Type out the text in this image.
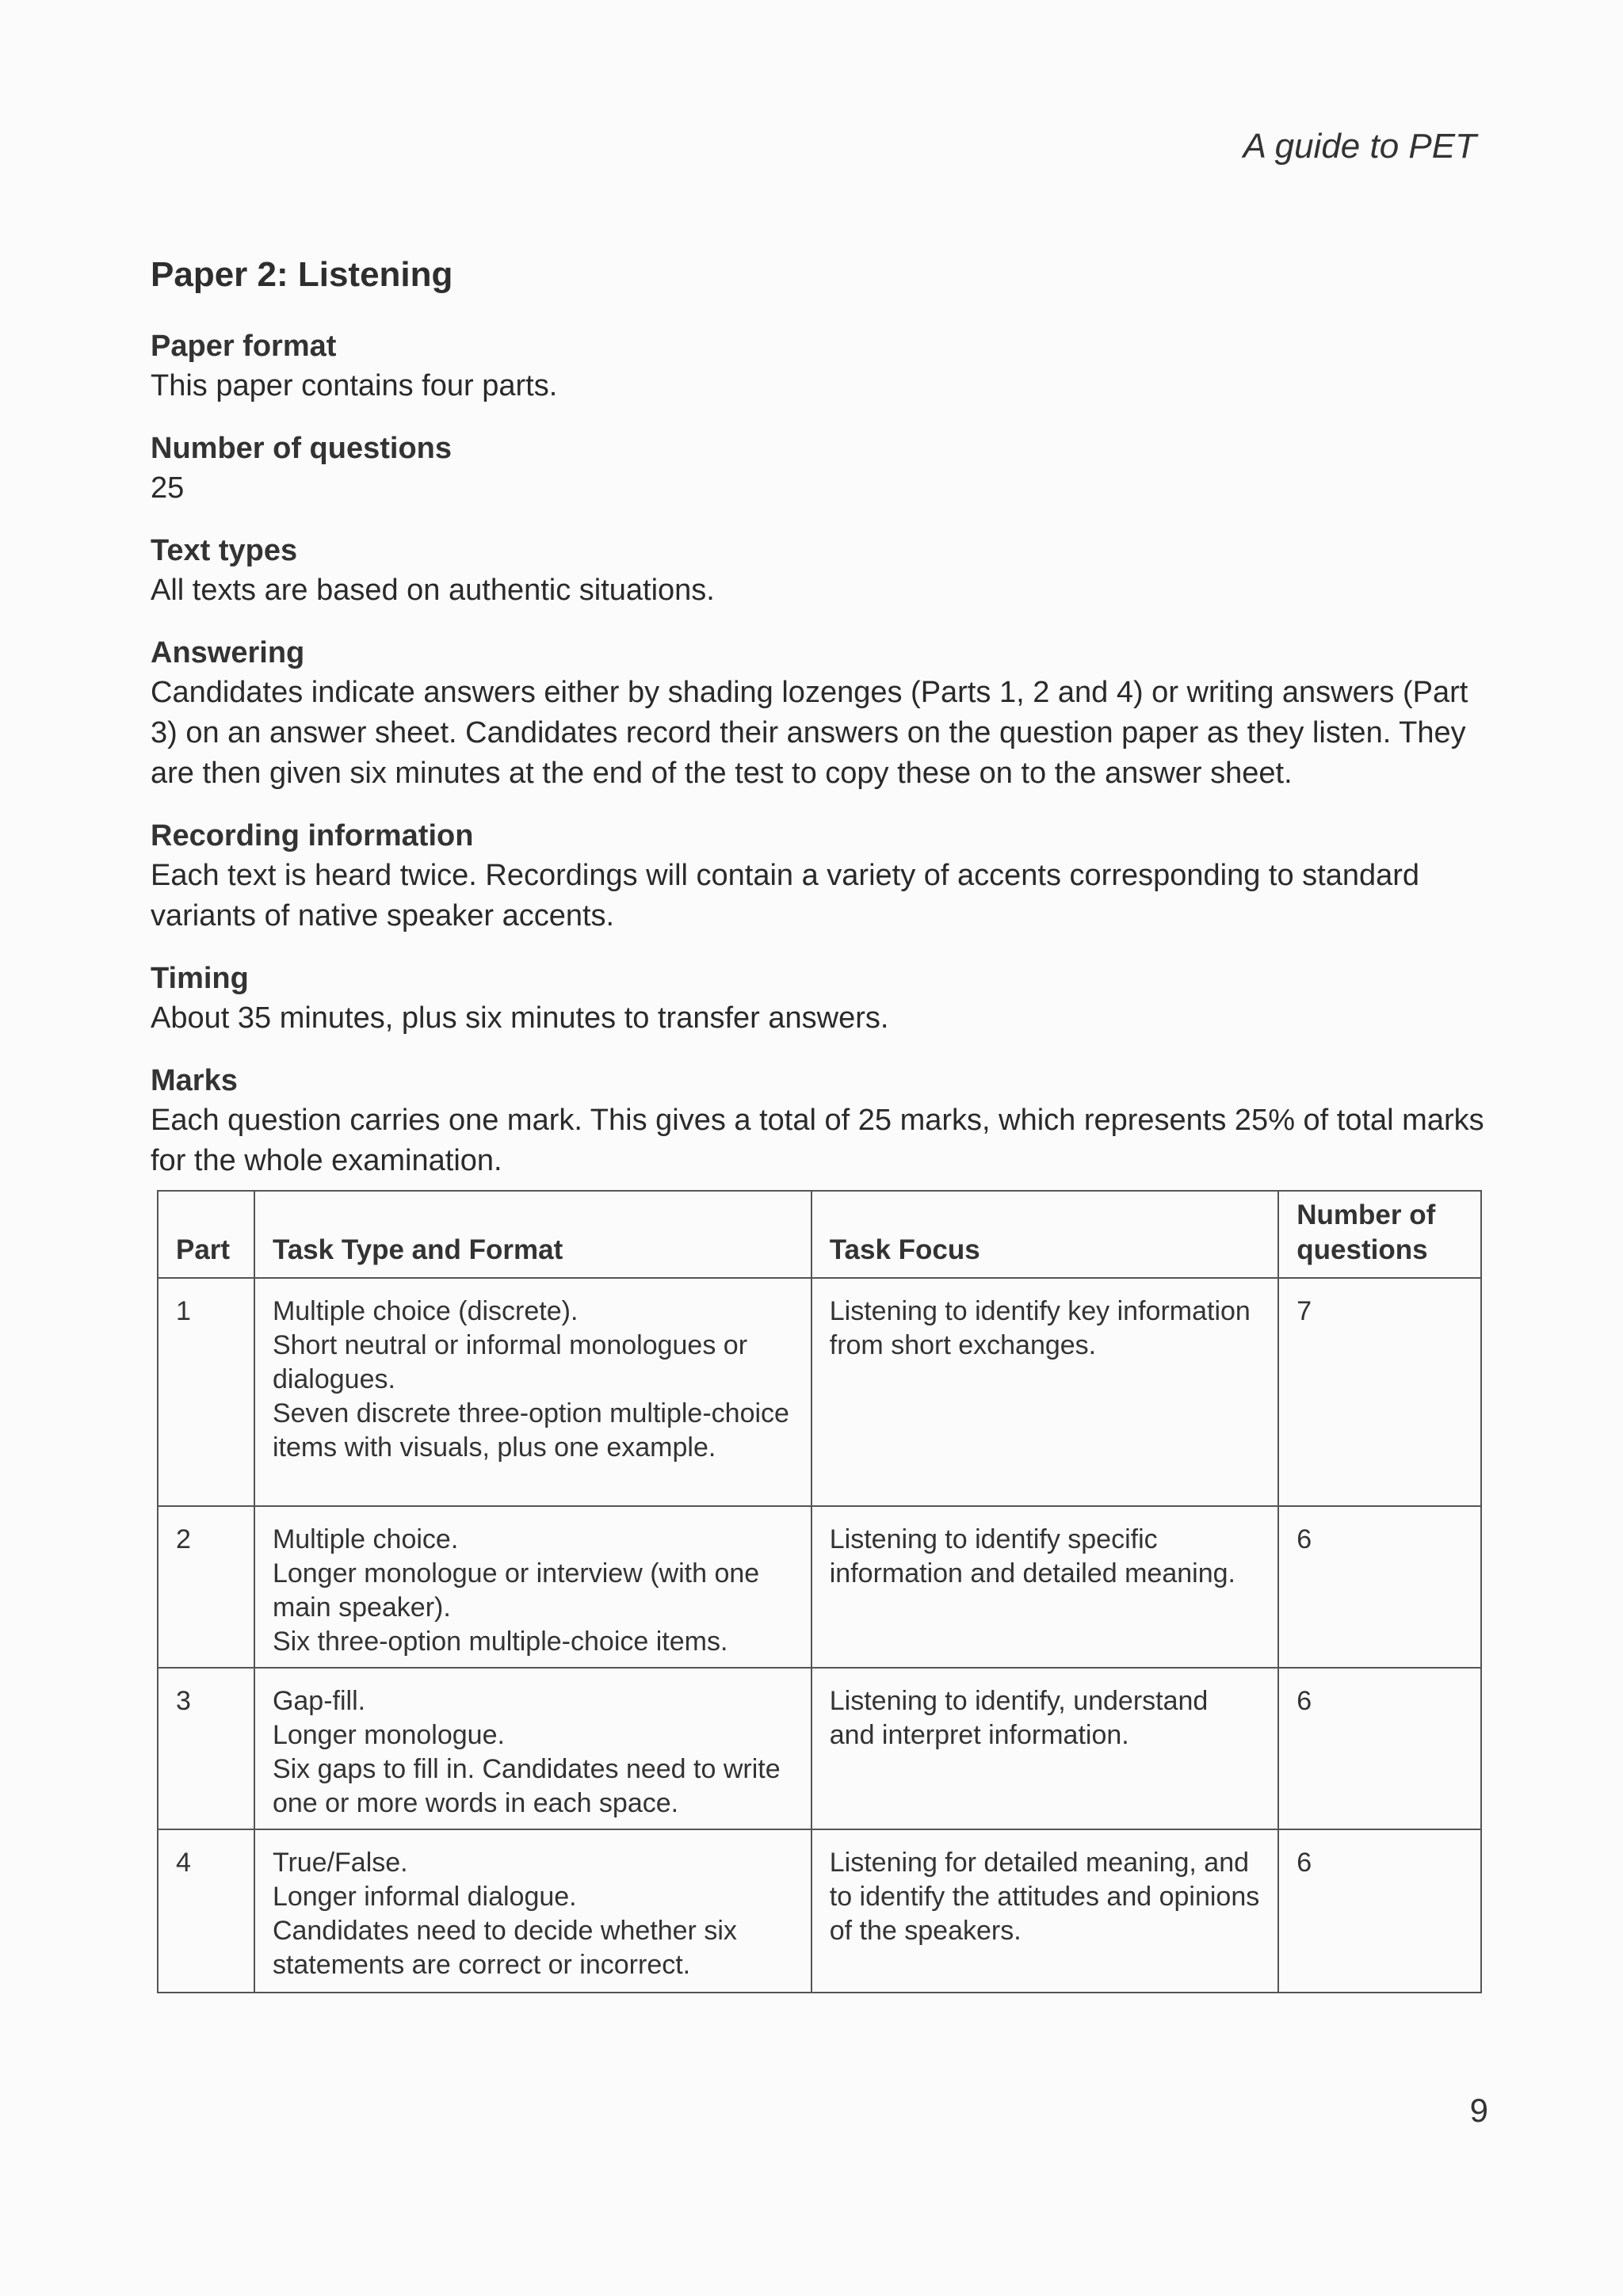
A guide to PET
Paper 2: Listening
Paper format
This paper contains four parts.
Number of questions
25
Text types
All texts are based on authentic situations.
Answering
Candidates indicate answers either by shading lozenges (Parts 1, 2 and 4) or writing answers (Part 3) on an answer sheet. Candidates record their answers on the question paper as they listen. They are then given six minutes at the end of the test to copy these on to the answer sheet.
Recording information
Each text is heard twice. Recordings will contain a variety of accents corresponding to standard variants of native speaker accents.
Timing
About 35 minutes, plus six minutes to transfer answers.
Marks
Each question carries one mark. This gives a total of 25 marks, which represents 25% of total marks for the whole examination.
Part	Task Type and Format	Task Focus	Number of questions
1	Multiple choice (discrete).
Short neutral or informal monologues or dialogues.
Seven discrete three-option multiple-choice items with visuals, plus one example.	Listening to identify key information from short exchanges.	7
2	Multiple choice.
Longer monologue or interview (with one main speaker).
Six three-option multiple-choice items.	Listening to identify specific information and detailed meaning.	6
3	Gap-fill.
Longer monologue.
Six gaps to fill in. Candidates need to write one or more words in each space.	Listening to identify, understand and interpret information.	6
4	True/False.
Longer informal dialogue.
Candidates need to decide whether six statements are correct or incorrect.	Listening for detailed meaning, and to identify the attitudes and opinions of the speakers.	6
9
